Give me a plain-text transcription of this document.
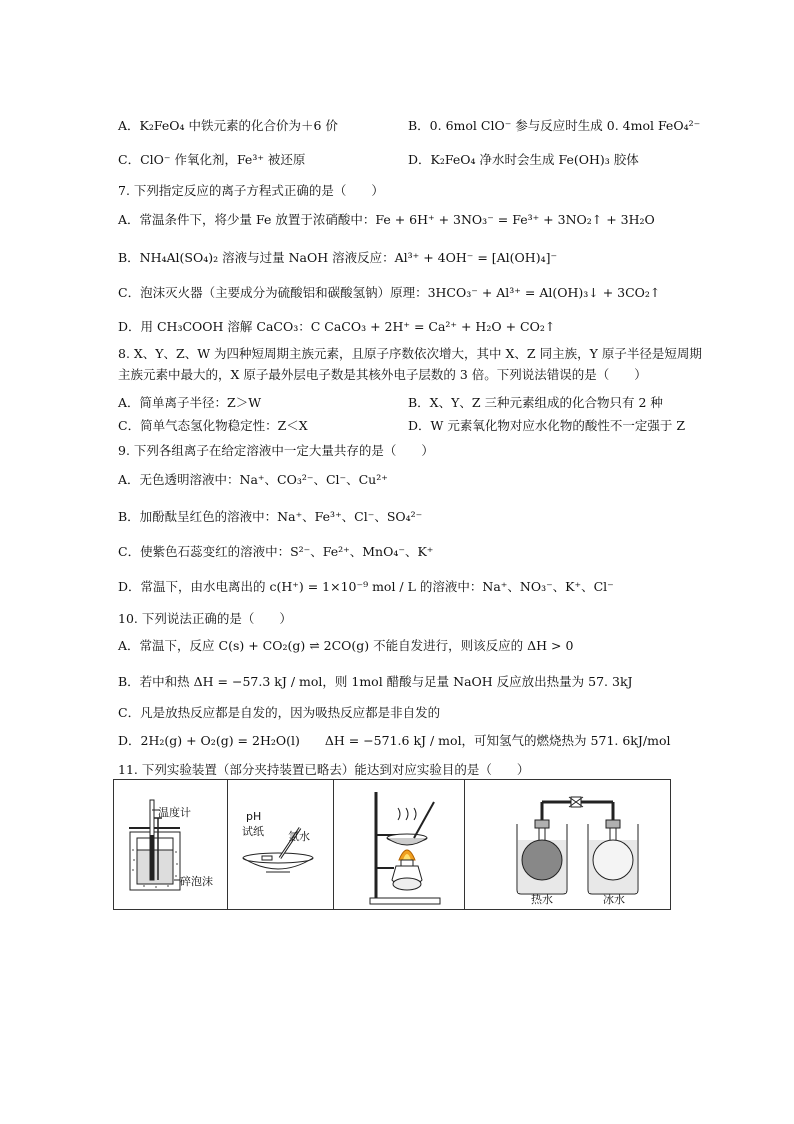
A．K₂FeO₄ 中铁元素的化合价为＋6 价	B．0. 6mol ClO⁻ 参与反应时生成 0. 4mol FeO₄²⁻
C．ClO⁻ 作氧化剂，Fe³⁺ 被还原	D．K₂FeO₄ 净水时会生成 Fe(OH)₃ 胶体
7. 下列指定反应的离子方程式正确的是（　　）
A．常温条件下，将少量 Fe 放置于浓硝酸中：Fe + 6H⁺ + 3NO₃⁻ = Fe³⁺ + 3NO₂↑ + 3H₂O
B．NH₄Al(SO₄)₂ 溶液与过量 NaOH 溶液反应：Al³⁺ + 4OH⁻ = [Al(OH)₄]⁻
C．泡沫灭火器（主要成分为硫酸铝和碳酸氢钠）原理：3HCO₃⁻ + Al³⁺ = Al(OH)₃↓ + 3CO₂↑
D．用 CH₃COOH 溶解 CaCO₃：C CaCO₃ + 2H⁺ = Ca²⁺ + H₂O + CO₂↑
8. X、Y、Z、W 为四种短周期主族元素，且原子序数依次增大，其中 X、Z 同主族，Y 原子半径是短周期
主族元素中最大的，X 原子最外层电子数是其核外电子层数的 3 倍。下列说法错误的是（　　）
A．简单离子半径：Z＞W	B．X、Y、Z 三种元素组成的化合物只有 2 种
C．简单气态氢化物稳定性：Z＜X	D．W 元素氧化物对应水化物的酸性不一定强于 Z
9. 下列各组离子在给定溶液中一定大量共存的是（　　）
A．无色透明溶液中：Na⁺、CO₃²⁻、Cl⁻、Cu²⁺
B．加酚酞呈红色的溶液中：Na⁺、Fe³⁺、Cl⁻、SO₄²⁻
C．使紫色石蕊变红的溶液中：S²⁻、Fe²⁺、MnO₄⁻、K⁺
D．常温下，由水电离出的 c(H⁺) = 1×10⁻⁹ mol / L 的溶液中：Na⁺、NO₃⁻、K⁺、Cl⁻
10. 下列说法正确的是（　　）
A．常温下，反应 C(s) + CO₂(g) ⇌ 2CO(g) 不能自发进行，则该反应的 ΔH > 0
B．若中和热 ΔH = −57.3 kJ / mol，则 1mol 醋酸与足量 NaOH 反应放出热量为 57. 3kJ
C．凡是放热反应都是自发的，因为吸热反应都是非自发的
D．2H₂(g) + O₂(g) = 2H₂O(l)　　ΔH = −571.6 kJ / mol，可知氢气的燃烧热为 571. 6kJ/mol
11. 下列实验装置（部分夹持装置已略去）能达到对应实验目的是（　　）
温度计
碎泡沫
pH
试纸 氯水
热水	冰水
